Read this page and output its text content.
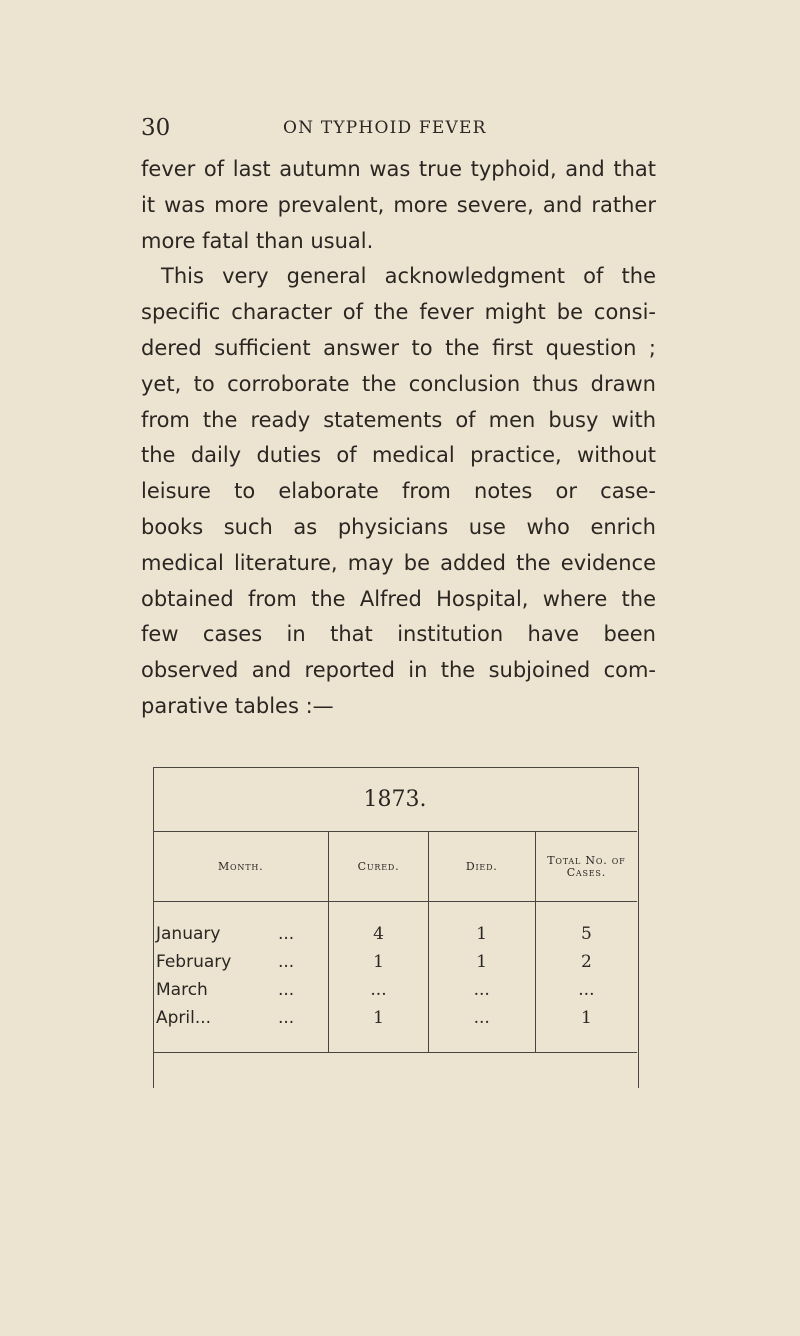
30	ON TYPHOID FEVER
fever of last autumn was true typhoid, and that
it was more prevalent, more severe, and rather
more fatal than usual.
This very general acknowledgment of the
specific character of the fever might be consi-
dered sufficient answer to the first question ;
yet, to corroborate the conclusion thus drawn
from the ready statements of men busy with
the daily duties of medical practice, without
leisure to elaborate from notes or case-
books such as physicians use who enrich
medical literature, may be added the evidence
obtained from the Alfred Hospital, where the
few cases in that institution have been
observed and reported in the subjoined com-
parative tables :—
1873.			
Month.	Cured.	Died.	Total No. of Cases.
January ...	4	1	5
February ...	1	1	2
March ...	...	...	...
April... ...	1	...	1
